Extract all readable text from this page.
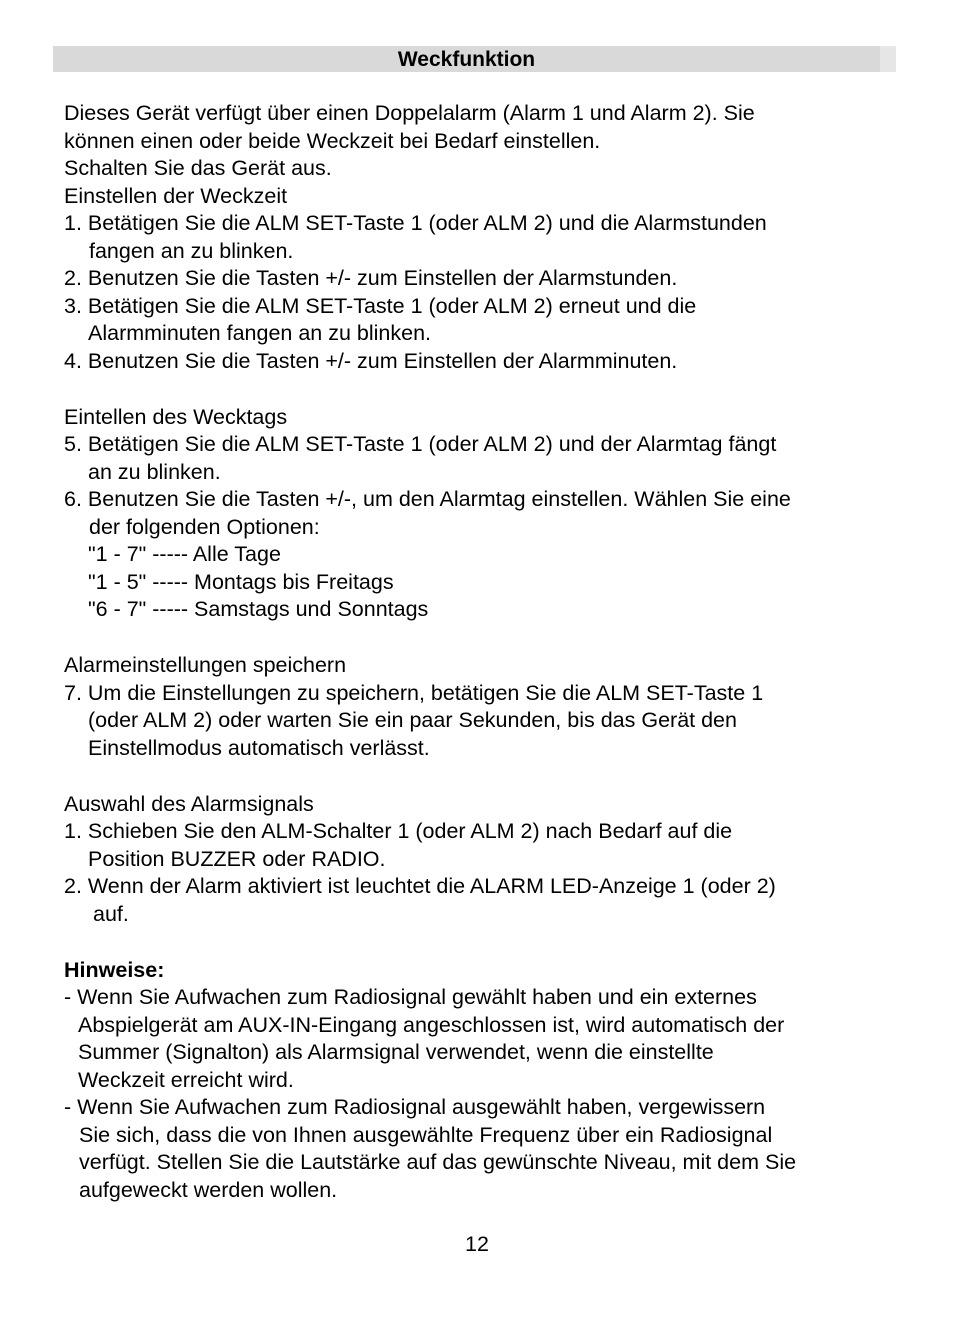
Weckfunktion

Dieses Gerät verfügt über einen Doppelalarm (Alarm 1 und Alarm 2). Sie

können einen oder beide Weckzeit bei Bedarf einstellen.

Schalten Sie das Gerät aus.

Einstellen der Weckzeit

1. Betätigen Sie die ALM SET-Taste 1 (oder ALM 2) und die Alarmstunden

fangen an zu blinken.

2. Benutzen Sie die Tasten +/- zum Einstellen der Alarmstunden.

3. Betätigen Sie die ALM SET-Taste 1 (oder ALM 2) erneut und die

Alarmminuten fangen an zu blinken.

4. Benutzen Sie die Tasten +/- zum Einstellen der Alarmminuten.

Eintellen des Wecktags

5. Betätigen Sie die ALM SET-Taste 1 (oder ALM 2) und der Alarmtag fängt

an zu blinken.

6. Benutzen Sie die Tasten +/-, um den Alarmtag einstellen. Wählen Sie eine

der folgenden Optionen:

"1 - 7" ----- Alle Tage

"1 - 5" ----- Montags bis Freitags

"6 - 7" ----- Samstags und Sonntags

Alarmeinstellungen speichern

7. Um die Einstellungen zu speichern, betätigen Sie die ALM SET-Taste 1

(oder ALM 2) oder warten Sie ein paar Sekunden, bis das Gerät den

Einstellmodus automatisch verlässt.

Auswahl des Alarmsignals

1. Schieben Sie den ALM-Schalter 1 (oder ALM 2) nach Bedarf auf die

Position BUZZER oder RADIO.

2. Wenn der Alarm aktiviert ist leuchtet die ALARM LED-Anzeige 1 (oder 2)

auf.

Hinweise:

- Wenn Sie Aufwachen zum Radiosignal gewählt haben und ein externes

Abspielgerät am AUX-IN-Eingang angeschlossen ist, wird automatisch der

Summer (Signalton) als Alarmsignal verwendet, wenn die einstellte

Weckzeit erreicht wird.

- Wenn Sie Aufwachen zum Radiosignal ausgewählt haben, vergewissern

Sie sich, dass die von Ihnen ausgewählte Frequenz über ein Radiosignal

verfügt. Stellen Sie die Lautstärke auf das gewünschte Niveau, mit dem Sie

aufgeweckt werden wollen.

12
